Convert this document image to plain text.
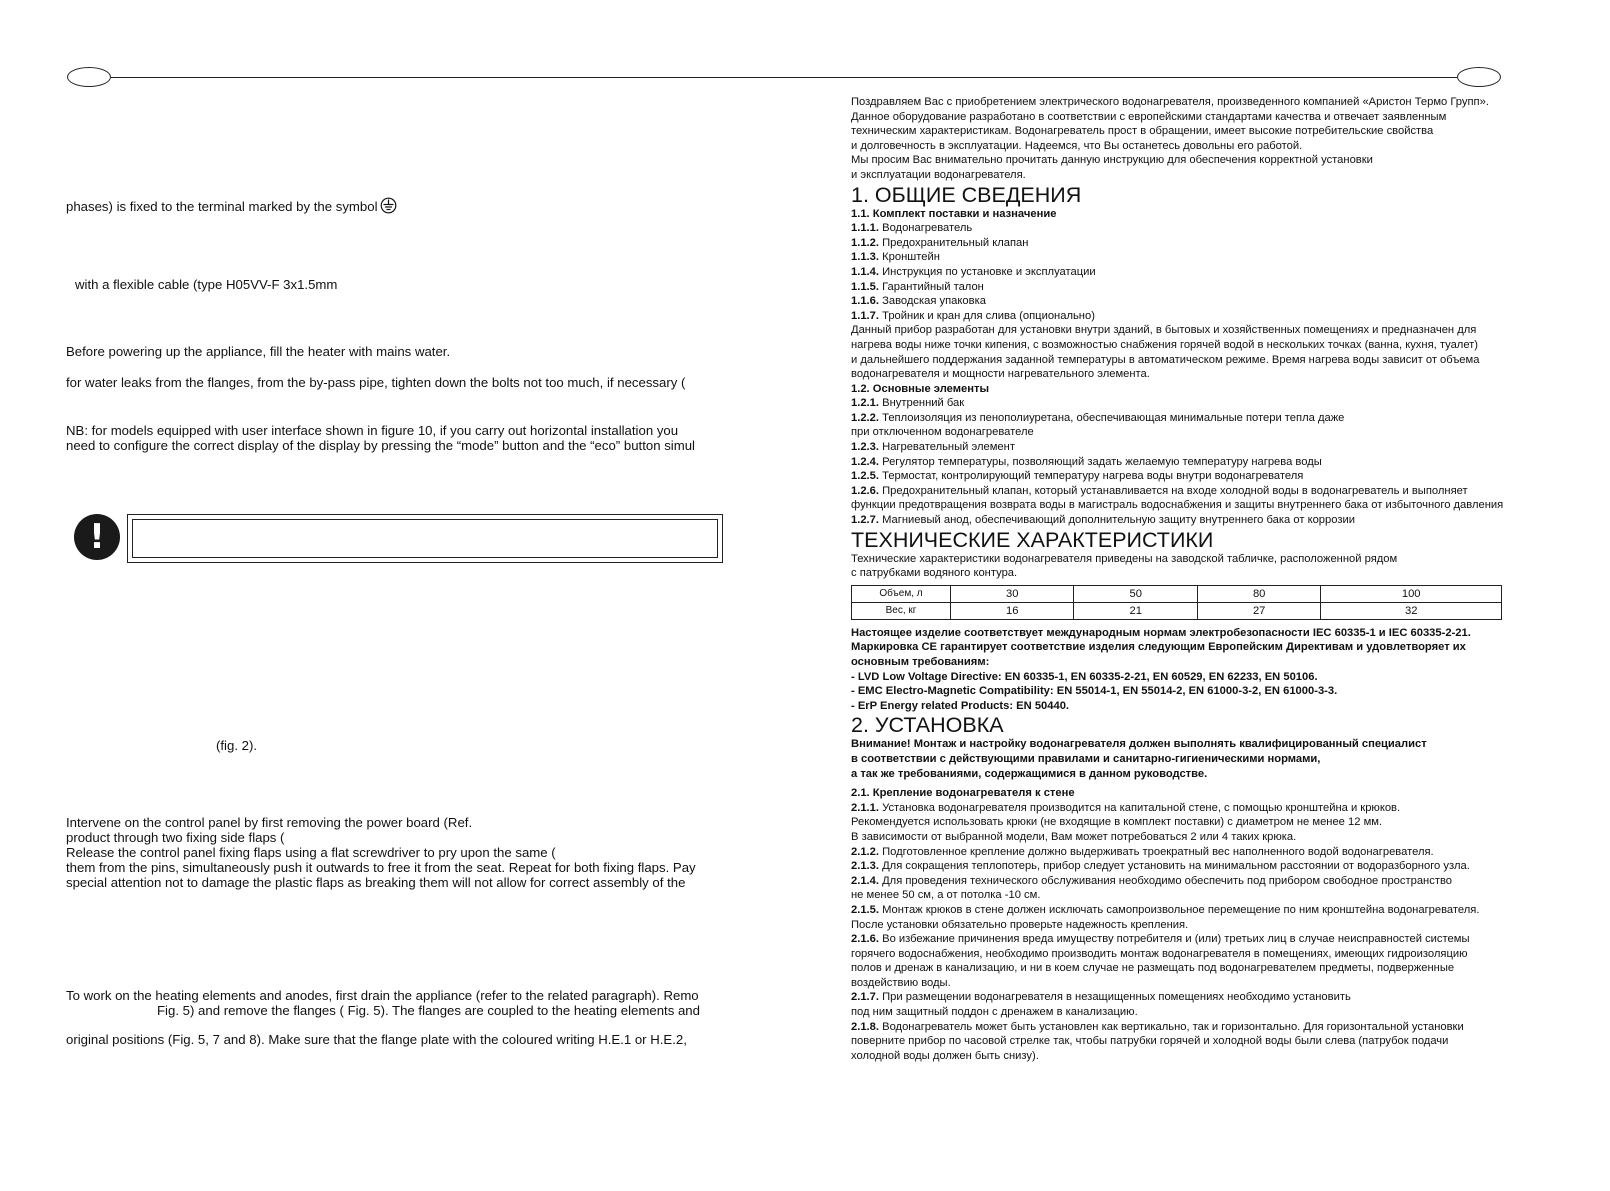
phases) is fixed to the terminal marked by the symbol
with a flexible cable (type H05VV-F 3x1.5mm
Before powering up the appliance, fill the heater with mains water.
for water leaks from the flanges, from the by-pass pipe, tighten down the bolts not too much, if necessary (
NB: for models equipped with user interface shown in figure 10, if you carry out horizontal installation you
need to configure the correct display of the display by pressing the “mode” button and the “eco” button simul
!
(fig. 2).
Intervene on the control panel by first removing the power board (Ref.
product through two fixing side flaps (
Release the control panel fixing flaps using a flat screwdriver to pry upon the same (
them from the pins, simultaneously push it outwards to free it from the seat. Repeat for both fixing flaps. Pay
special attention not to damage the plastic flaps as breaking them will not allow for correct assembly of the
To work on the heating elements and anodes, first drain the appliance (refer to the related paragraph). Remo
Fig. 5) and remove the flanges ( Fig. 5). The flanges are coupled to the heating elements and
original positions (Fig. 5, 7 and 8). Make sure that the flange plate with the coloured writing H.E.1 or H.E.2,
Поздравляем Вас с приобретением электрического водонагревателя, произведенного компанией «Аристон Термо Групп».
Данное оборудование разработано в соответствии с европейскими стандартами качества и отвечает заявленным
техническим характеристикам. Водонагреватель прост в обращении, имеет высокие потребительские свойства
и долговечность в эксплуатации. Надеемся, что Вы останетесь довольны его работой.
Мы просим Вас внимательно прочитать данную инструкцию для обеспечения корректной установки
и эксплуатации водонагревателя.
1. ОБЩИЕ СВЕДЕНИЯ
1.1. Комплект поставки и назначение
1.1.1. Водонагреватель
1.1.2. Предохранительный клапан
1.1.3. Кронштейн
1.1.4. Инструкция по установке и эксплуатации
1.1.5. Гарантийный талон
1.1.6. Заводская упаковка
1.1.7. Тройник и кран для слива (опционально)
Данный прибор разработан для установки внутри зданий, в бытовых и хозяйственных помещениях и предназначен для
нагрева воды ниже точки кипения, с возможностью снабжения горячей водой в нескольких точках (ванна, кухня, туалет)
и дальнейшего поддержания заданной температуры в автоматическом режиме. Время нагрева воды зависит от объема
водонагревателя и мощности нагревательного элемента.
1.2. Основные элементы
1.2.1. Внутренний бак
1.2.2. Теплоизоляция из пенополиуретана, обеспечивающая минимальные потери тепла даже
при отключенном водонагревателе
1.2.3. Нагревательный элемент
1.2.4. Регулятор температуры, позволяющий задать желаемую температуру нагрева воды
1.2.5. Термостат, контролирующий температуру нагрева воды внутри водонагревателя
1.2.6. Предохранительный клапан, который устанавливается на входе холодной воды в водонагреватель и выполняет
функции предотвращения возврата воды в магистраль водоснабжения и защиты внутреннего бака от избыточного давления
1.2.7. Магниевый анод, обеспечивающий дополнительную защиту внутреннего бака от коррозии
ТЕХНИЧЕСКИЕ ХАРАКТЕРИСТИКИ
Технические характеристики водонагревателя приведены на заводской табличке, расположенной рядом
с патрубками водяного контура.
Объем, л	30	50	80	100
Вес, кг	16	21	27	32
Настоящее изделие соответствует международным нормам электробезопасности IEC 60335-1 и IEC 60335-2-21.
Маркировка СЕ гарантирует соответствие изделия следующим Европейским Директивам и удовлетворяет их
основным требованиям:
- LVD Low Voltage Directive: EN 60335-1, EN 60335-2-21, EN 60529, EN 62233, EN 50106.
- EMC Electro-Magnetic Compatibility: EN 55014-1, EN 55014-2, EN 61000-3-2, EN 61000-3-3.
- ErP Energy related Products: EN 50440.
2. УСТАНОВКА
Внимание! Монтаж и настройку водонагревателя должен выполнять квалифицированный специалист
в соответствии с действующими правилами и санитарно-гигиеническими нормами,
а так же требованиями, содержащимися в данном руководстве.
2.1. Крепление водонагревателя к стене
2.1.1. Установка водонагревателя производится на капитальной стене, с помощью кронштейна и крюков.
Рекомендуется использовать крюки (не входящие в комплект поставки) с диаметром не менее 12 мм.
В зависимости от выбранной модели, Вам может потребоваться 2 или 4 таких крюка.
2.1.2. Подготовленное крепление должно выдерживать троекратный вес наполненного водой водонагревателя.
2.1.3. Для сокращения теплопотерь, прибор следует установить на минимальном расстоянии от водоразборного узла.
2.1.4. Для проведения технического обслуживания необходимо обеспечить под прибором свободное пространство
не менее 50 см, а от потолка -10 см.
2.1.5. Монтаж крюков в стене должен исключать самопроизвольное перемещение по ним кронштейна водонагревателя.
После установки обязательно проверьте надежность крепления.
2.1.6. Во избежание причинения вреда имуществу потребителя и (или) третьих лиц в случае неисправностей системы
горячего водоснабжения, необходимо производить монтаж водонагревателя в помещениях, имеющих гидроизоляцию
полов и дренаж в канализацию, и ни в коем случае не размещать под водонагревателем предметы, подверженные
воздействию воды.
2.1.7. При размещении водонагревателя в незащищенных помещениях необходимо установить
под ним защитный поддон с дренажем в канализацию.
2.1.8. Водонагреватель может быть установлен как вертикально, так и горизонтально. Для горизонтальной установки
поверните прибор по часовой стрелке так, чтобы патрубки горячей и холодной воды были слева (патрубок подачи
холодной воды должен быть снизу).
